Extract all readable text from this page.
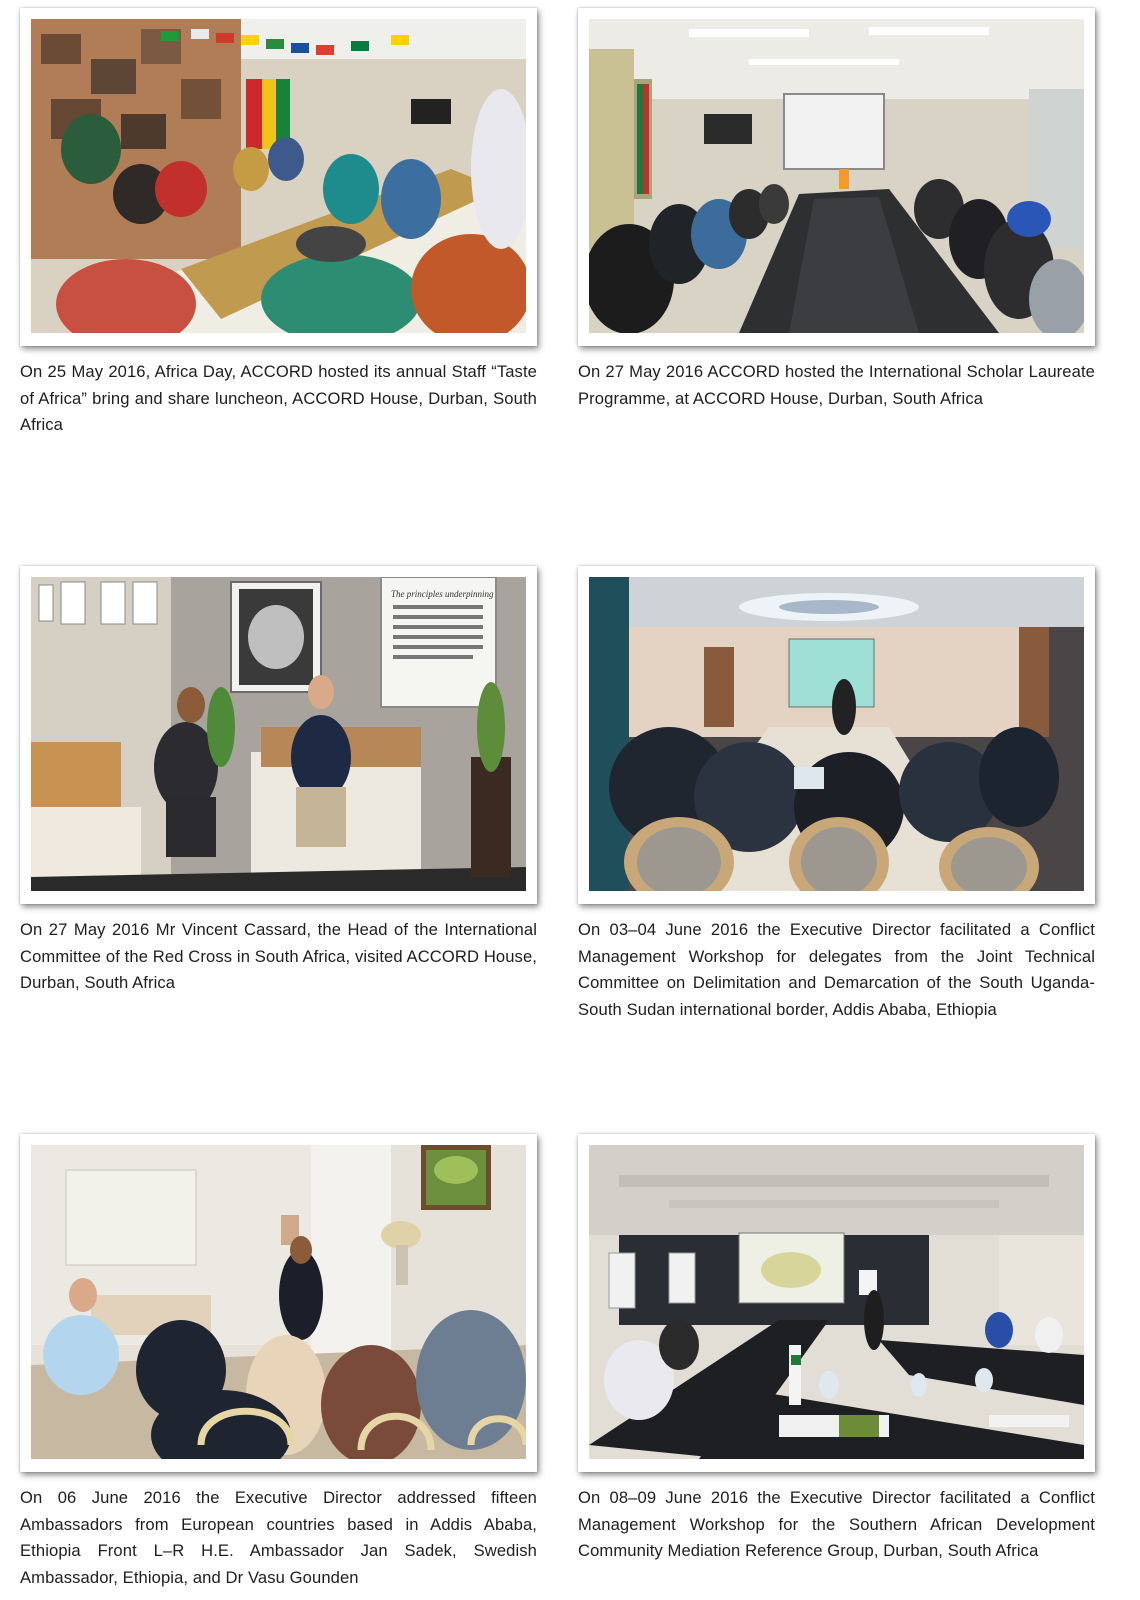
On 25 May 2016, Africa Day, ACCORD hosted its annual Staff “Taste of Africa” bring and share luncheon, ACCORD House, Durban, South Africa

On 27 May 2016 ACCORD hosted the International Scholar Laureate Programme, at ACCORD House, Durban, South Africa

The principles underpinning

On 27 May 2016 Mr Vincent Cassard, the Head of the International Committee of the Red Cross in South Africa, visited ACCORD House, Durban, South Africa

On 03–04 June 2016 the Executive Director facilitated a Conflict Management Workshop for delegates from the Joint Technical Committee on Delimitation and Demarcation of the South Uganda-South Sudan international border, Addis Ababa, Ethiopia

On 06 June 2016 the Executive Director addressed fifteen Ambassadors from European countries based in Addis Ababa, Ethiopia Front L–R H.E. Ambassador Jan Sadek, Swedish Ambassador, Ethiopia, and Dr Vasu Gounden

On 08–09 June 2016 the Executive Director facilitated a Conflict Management Workshop for the Southern African Development Community Mediation Reference Group, Durban, South Africa
